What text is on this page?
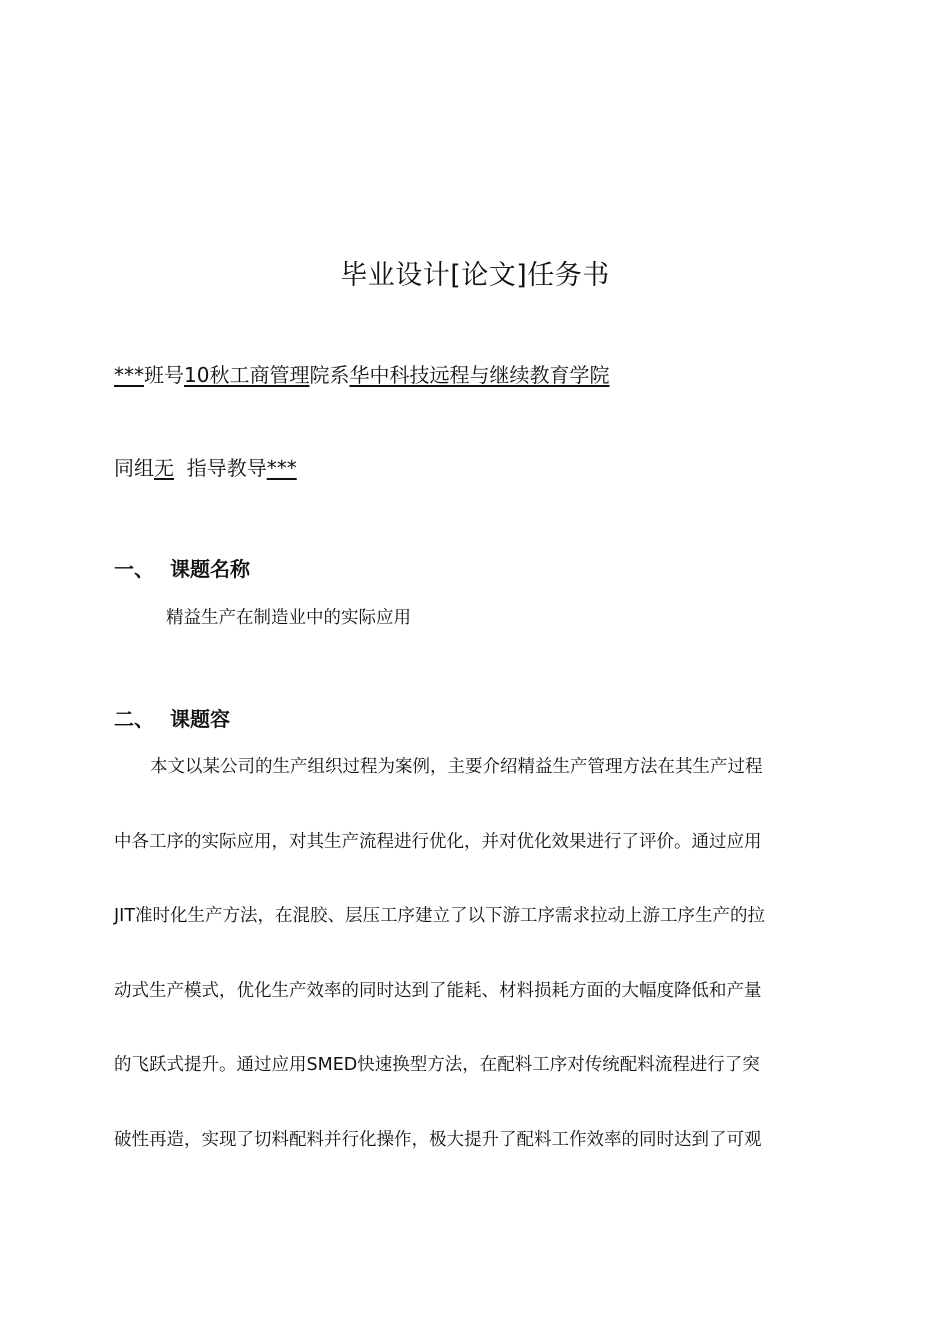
毕业设计[论文]任务书
***班号10秋工商管理院系华中科技远程与继续教育学院
同组无 指导教导***
一、 课题名称
精益生产在制造业中的实际应用
二、 课题容
本文以某公司的生产组织过程为案例，主要介绍精益生产管理方法在其生产过程
中各工序的实际应用，对其生产流程进行优化，并对优化效果进行了评价。通过应用
JIT准时化生产方法，在混胶、层压工序建立了以下游工序需求拉动上游工序生产的拉
动式生产模式，优化生产效率的同时达到了能耗、材料损耗方面的大幅度降低和产量
的飞跃式提升。通过应用SMED快速换型方法，在配料工序对传统配料流程进行了突
破性再造，实现了切料配料并行化操作，极大提升了配料工作效率的同时达到了可观
